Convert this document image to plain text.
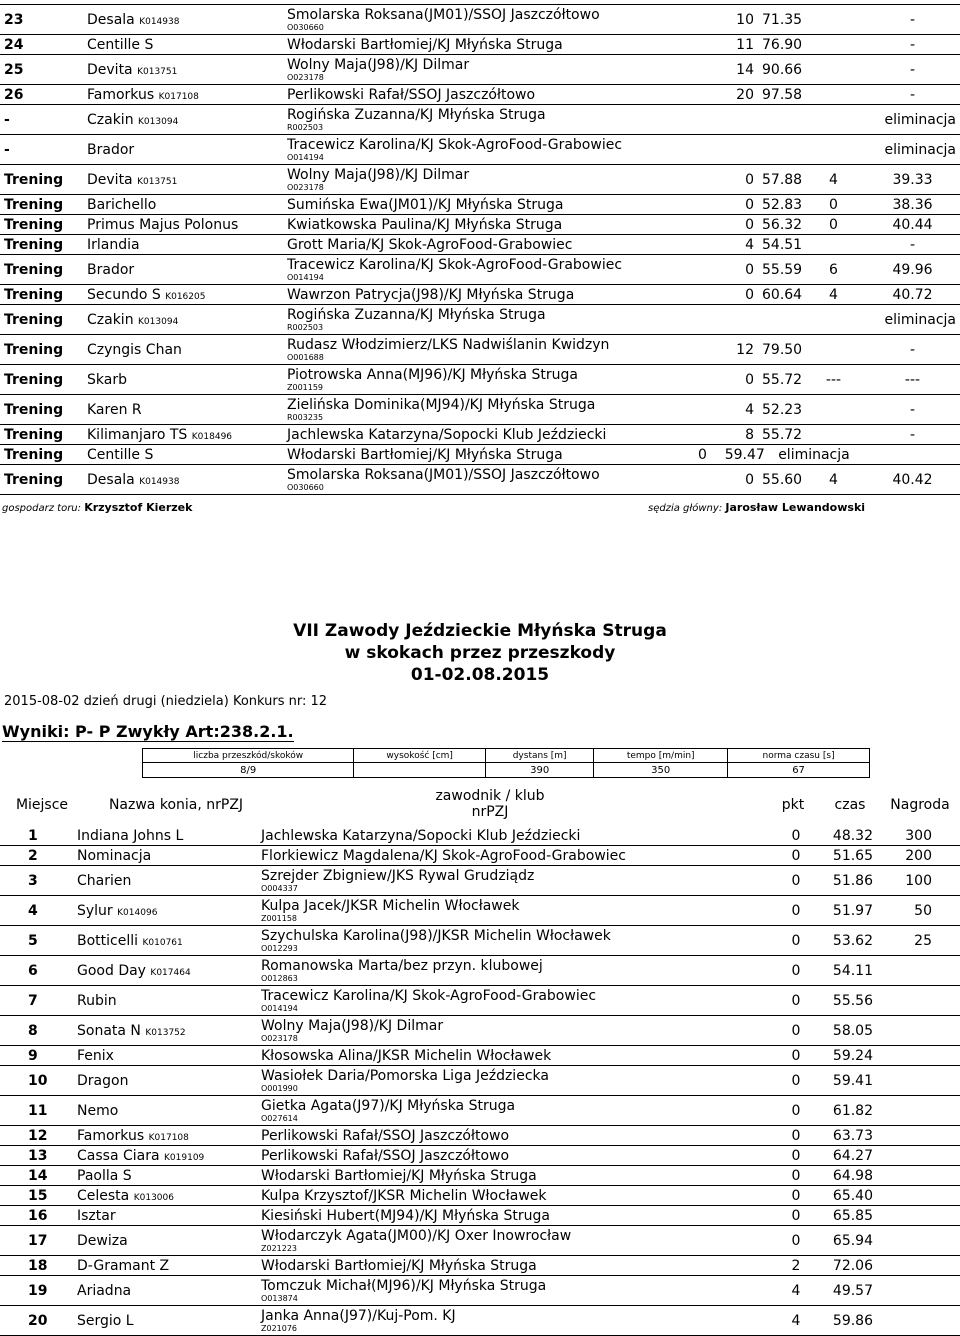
23	Desala K014938	Smolarska Roksana(JM01)/SSOJ Jaszczółtowo
O030660	10	71.35		-
24	Centille S	Włodarski Bartłomiej/KJ Młyńska Struga	11	76.90		-
25	Devita K013751	Wolny Maja(J98)/KJ Dilmar
O023178	14	90.66		-
26	Famorkus K017108	Perlikowski Rafał/SSOJ Jaszczółtowo	20	97.58		-
-	Czakin K013094	Rogińska Zuzanna/KJ Młyńska Struga
R002503	eliminacja			
-	Brador	Tracewicz Karolina/KJ Skok-AgroFood-Grabowiec
O014194	eliminacja			
Trening	Devita K013751	Wolny Maja(J98)/KJ Dilmar
O023178	0	57.88	4	39.33
Trening	Barichello	Sumińska Ewa(JM01)/KJ Młyńska Struga	0	52.83	0	38.36
Trening	Primus Majus Polonus	Kwiatkowska Paulina/KJ Młyńska Struga	0	56.32	0	40.44
Trening	Irlandia	Grott Maria/KJ Skok-AgroFood-Grabowiec	4	54.51		-
Trening	Brador	Tracewicz Karolina/KJ Skok-AgroFood-Grabowiec
O014194	0	55.59	6	49.96
Trening	Secundo S K016205	Wawrzon Patrycja(J98)/KJ Młyńska Struga	0	60.64	4	40.72
Trening	Czakin K013094	Rogińska Zuzanna/KJ Młyńska Struga
R002503	eliminacja			
Trening	Czyngis Chan	Rudasz Włodzimierz/LKS Nadwiślanin Kwidzyn
O001688	12	79.50		-
Trening	Skarb	Piotrowska Anna(MJ96)/KJ Młyńska Struga
Z001159	0	55.72	---	---
Trening	Karen R	Zielińska Dominika(MJ94)/KJ Młyńska Struga
R003235	4	52.23		-
Trening	Kilimanjaro TS K018496	Jachlewska Katarzyna/Sopocki Klub Jeździecki	8	55.72		-
Trening	Centille S	Włodarski Bartłomiej/KJ Młyńska Struga	0 59.47 eliminacja			
Trening	Desala K014938	Smolarska Roksana(JM01)/SSOJ Jaszczółtowo
O030660	0	55.60	4	40.42
gospodarz toru: Krzysztof Kierzek	sędzia główny: Jarosław Lewandowski
VII Zawody Jeździeckie Młyńska Struga
w skokach przez przeszkody
01-02.08.2015
2015-08-02 dzień drugi (niedziela) Konkurs nr: 12
Wyniki: P- P Zwykły Art:238.2.1.
liczba przeszkód/skoków	wysokość [cm]	dystans [m]	tempo [m/min]	norma czasu [s]
8/9		390	350	67
Miejsce	Nazwa konia, nrPZJ
zawodnik / klub
nrPZJ	pkt	czas	Nagroda
1	Indiana Johns L	Jachlewska Katarzyna/Sopocki Klub Jeździecki	0	48.32	300
2	Nominacja	Florkiewicz Magdalena/KJ Skok-AgroFood-Grabowiec	0	51.65	200
3	Charien	Szrejder Zbigniew/JKS Rywal Grudziądz
O004337	0	51.86	100
4	Sylur K014096	Kulpa Jacek/JKSR Michelin Włocławek
Z001158	0	51.97	50
5	Botticelli K010761	Szychulska Karolina(J98)/JKSR Michelin Włocławek
O012293	0	53.62	25
6	Good Day K017464	Romanowska Marta/bez przyn. klubowej
O012863	0	54.11	
7	Rubin	Tracewicz Karolina/KJ Skok-AgroFood-Grabowiec
O014194	0	55.56	
8	Sonata N K013752	Wolny Maja(J98)/KJ Dilmar
O023178	0	58.05	
9	Fenix	Kłosowska Alina/JKSR Michelin Włocławek	0	59.24	
10	Dragon	Wasiołek Daria/Pomorska Liga Jeździecka
O001990	0	59.41	
11	Nemo	Gietka Agata(J97)/KJ Młyńska Struga
O027614	0	61.82	
12	Famorkus K017108	Perlikowski Rafał/SSOJ Jaszczółtowo	0	63.73	
13	Cassa Ciara K019109	Perlikowski Rafał/SSOJ Jaszczółtowo	0	64.27	
14	Paolla S	Włodarski Bartłomiej/KJ Młyńska Struga	0	64.98	
15	Celesta K013006	Kulpa Krzysztof/JKSR Michelin Włocławek	0	65.40	
16	Isztar	Kiesiński Hubert(MJ94)/KJ Młyńska Struga	0	65.85	
17	Dewiza	Włodarczyk Agata(JM00)/KJ Oxer Inowrocław
Z021223	0	65.94	
18	D-Gramant Z	Włodarski Bartłomiej/KJ Młyńska Struga	2	72.06	
19	Ariadna	Tomczuk Michał(MJ96)/KJ Młyńska Struga
O013874	4	49.57	
20	Sergio L	Janka Anna(J97)/Kuj-Pom. KJ
Z021076	4	59.86	
